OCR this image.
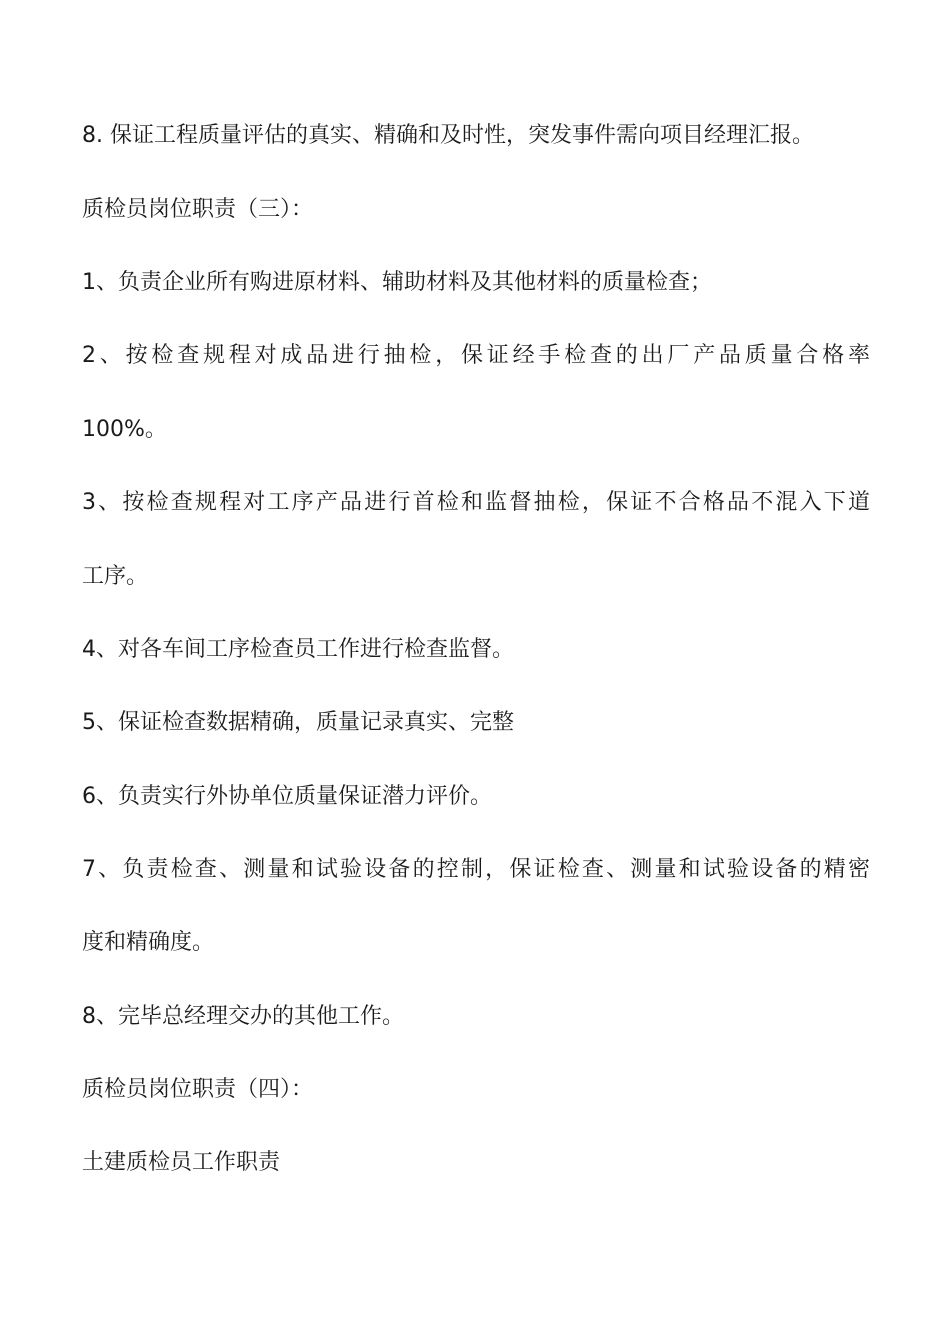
8. 保证工程质量评估的真实、精确和及时性，突发事件需向项目经理汇报。
质检员岗位职责（三）：
1、负责企业所有购进原材料、辅助材料及其他材料的质量检查；
2、按检查规程对成品进行抽检，保证经手检查的出厂产品质量合格率
100%。
3、按检查规程对工序产品进行首检和监督抽检，保证不合格品不混入下道
工序。
4、对各车间工序检查员工作进行检查监督。
5、保证检查数据精确，质量记录真实、完整
6、负责实行外协单位质量保证潜力评价。
7、负责检查、测量和试验设备的控制，保证检查、测量和试验设备的精密
度和精确度。
8、完毕总经理交办的其他工作。
质检员岗位职责（四）：
土建质检员工作职责
